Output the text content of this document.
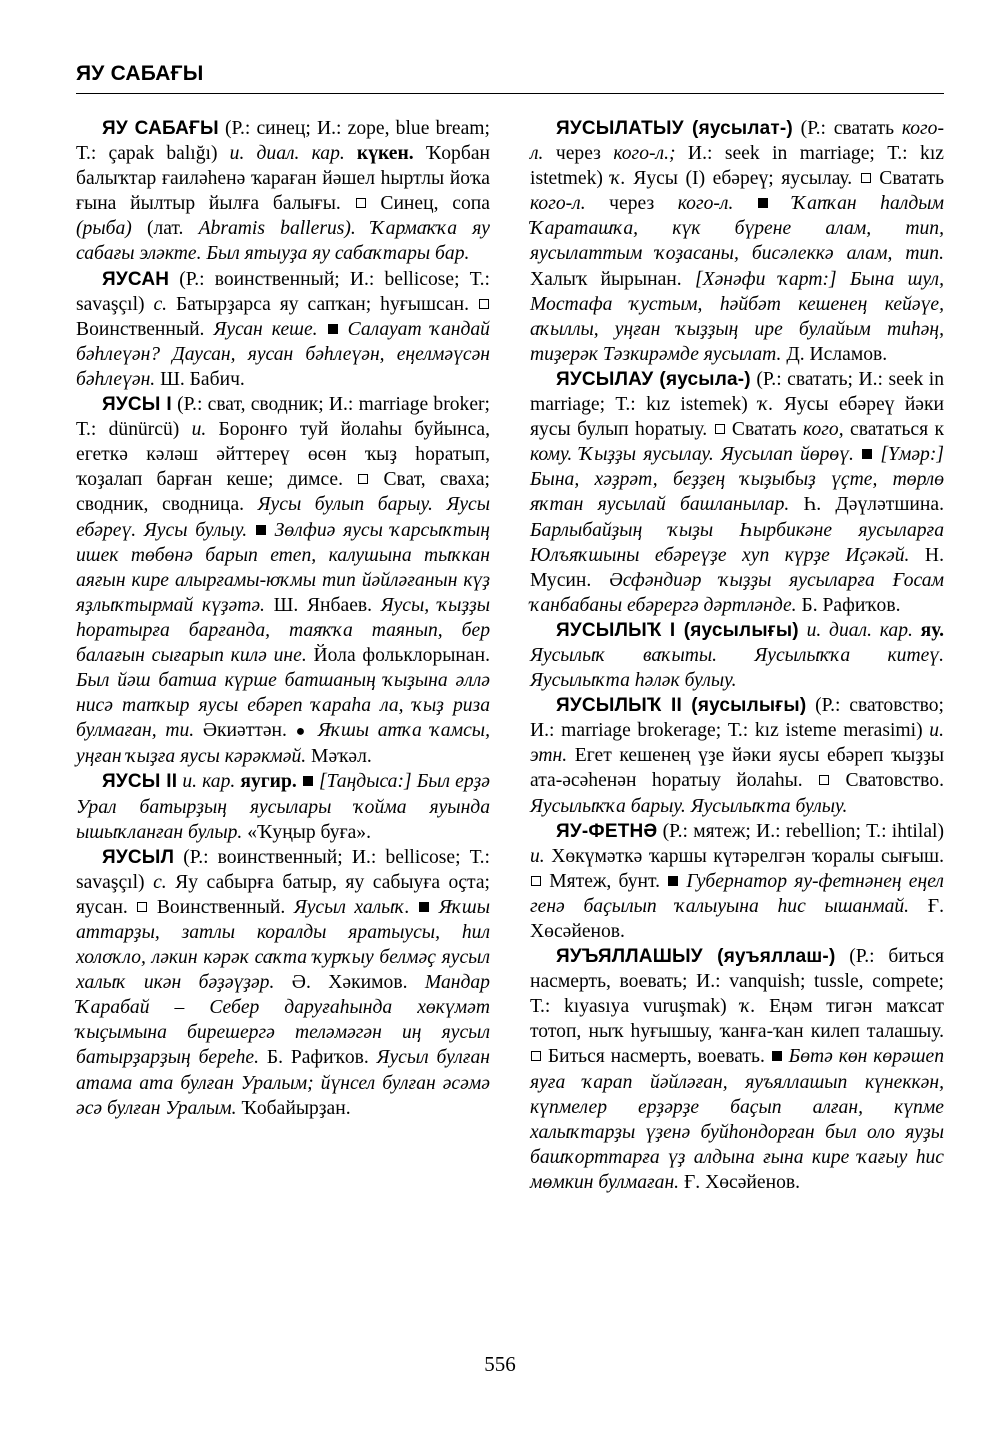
ЯУ САБАҒЫ

ЯУ САБАҒЫ (Р.: синец; И.: zope, blue bream; Т.: çapak balığı) и. диал. кар. күкен. Ҡорбан балыҡтар ғаиләһенә ҡараған йәшел һыртлы йоҡа ғына йылтыр йылға балығы.  Синец, сопа (рыба) (лат. Abramis ballerus). Ҡармаҡҡа яу сабағы эләкте. Был ятыуҙа яу сабаҡтары бар.

ЯУСАН (Р.: воинственный; И.: bellicose; Т.: savaşçıl) с. Батырҙарса яу сапҡан; һуғышсан.  Воинственный. Яусан кеше. Салауат ҡандай бәһлеүән? Даусан, яусан бәһлеүән, еңелмәүсән бәһлеүән. Ш. Бабич.

ЯУСЫ I (Р.: сват, сводник; И.: marriage broker; Т.: dünürcü) и. Боронғо туй йолаһы буйынса, егеткә кәләш әйттереү өсөн ҡыҙ һоратып, ҡоҙалап барған кеше; димсе.  Сват, сваха; сводник, сводница. Яусы булып барыу. Яусы ебәреү. Яусы булыу. Зөлфиә яусы ҡарсыҡтың ишек төбөнә барып етеп, калушына тыҡкан аяғын кире алырғамы-юҡмы тип йәйләғанын күҙ яҙлыҡтырмай күҙәтә. Ш. Янбаев. Яусы, ҡыҙҙы һоратырға барғанда, таяҡҡа таянып, бер балағын сығарып килә ине. Йола фольклорынан. Был йәш батша күрше батшаның ҡыҙына әллә нисә тапҡыр яусы ебәреп ҡараһа ла, ҡыҙ риза булмаған, ти. Әкиәттән. ● Яҡшы атҡа ҡамсы, уңған ҡыҙға яусы кәрәкмәй. Мәҡәл.

ЯУСЫ II и. кар. яугир. [Таңдыса:] Был ерҙә Урал батырҙың яусылары ҡойма яуында ышыҡланған булыр. «Ҡуңыр буға».

ЯУСЫЛ (Р.: воинственный; И.: bellicose; Т.: savaşçıl) с. Яу сабырға батыр, яу сабыуға оҫта; яусан.  Воинственный. Яусыл халыҡ. Яҡшы аттарҙы, затлы коралды яратыусы, һил холоҡло, ләкин кәрәк саҡта ҡурҡыу белмәҫ яусыл халыҡ икән бәҙәүҙәр. Ә. Хәкимов. Мандар Ҡарабай – Себер даруғаһында хөкүмәт ҡыҫымына бирешергә теләмәгән иң яусыл батырҙарҙың береһе. Б. Рафиҡов. Яусыл булған атама ата булған Уралым; йүнсел булған әсәмә әсә булған Уралым. Ҡобайырҙан.

ЯУСЫЛАТЫУ (яусылат-) (Р.: сватать кого-л. через кого-л.; И.: seek in marriage; Т.: kız istetmek) ҡ. Яусы (I) ебәреү; яусылау.  Сватать кого-л. через кого-л.	Ҡапҡан һалдым Ҡараташҡа, күк бүрене алам, тип, яусылаттым ҡоҙасаны, бисәлеккә алам, тип. Халыҡ йырынан. [Хәнәфи ҡарт:] Бына шул, Мостафа ҡустым, һәйбәт кешенең кейәүе, аҡыллы, уңған ҡыҙҙың ире булайым тиһәң, тиҙерәк Тәзкирәмде яусылат. Д. Исламов.

ЯУСЫЛАУ (яусыла-) (Р.: сватать; И.: seek in marriage; Т.: kız istemek) ҡ. Яусы ебәреү йәки яусы булып һоратыу.  Сватать кого, свататься к кому. Ҡыҙҙы яусылау. Яусылап йөрөү. [Үмәр:] Бына, хәҙрәт, беҙҙең ҡыҙыбыҙ үҫте, төрлө яҡтан яусылай башланылар. Һ. Дәүләтшина. Барлыбайҙың ҡыҙы Һырбикәне яусыларға Юлъяҡшыны ебәреүҙе хуп күрҙе Иҫәкәй. Н. Мусин. Әсфәндиәр ҡыҙҙы яусыларға Ғосам ҡанбабаны ебәрергә дәртләнде. Б. Рафиҡов.

ЯУСЫЛЫҠ I (яусылығы) и. диал. кар. яу. Яусылыҡ ваҡыты. Яусылыҡҡа китеү. Яусылыҡта һәләк булыу.

ЯУСЫЛЫҠ II (яусылығы) (Р.: сватовство; И.: marriage brokerage; Т.: kız isteme merasimi) и. этн. Егет кешенең үҙе йәки яусы ебәреп ҡыҙҙы ата-әсәһенән һоратыу йолаһы.  Сватовство. Яусылыҡҡа барыу. Яусылыҡта булыу.

ЯУ-ФЕТНӘ (Р.: мятеж; И.: rebellion; Т.: ihtilal) и. Хөкүмәткә ҡаршы күтәрелгән ҡоралы сығыш.  Мятеж, бунт.  Губернатор яу-фетнәнең еңел генә баҫылып ҡалыуына һис ышанмай. Ғ. Хөсәйенов.

ЯУЪЯЛЛАШЫУ (яуъяллаш-) (Р.: биться насмерть, воевать; И.: vanquish; tussle, compete; Т.: kıyasıya vuruşmak) ҡ. Еңәм тигән маҡсат тотоп, ныҡ һуғышыу, ҡанға-ҡан килеп талашыу.  Биться насмерть, воевать.  Бөтә көн көрәшеп яуға ҡарап йәйләған, яуъяллашып күнеккән, күпмелер ерҙәрҙе баҫып алған, күпме халыҡтарҙы үҙенә буйһондорған был оло яуҙы башҡорттарға үҙ алдына ғына кире ҡағыу һис мөмкин булмаған. Ғ. Хөсәйенов.

556
